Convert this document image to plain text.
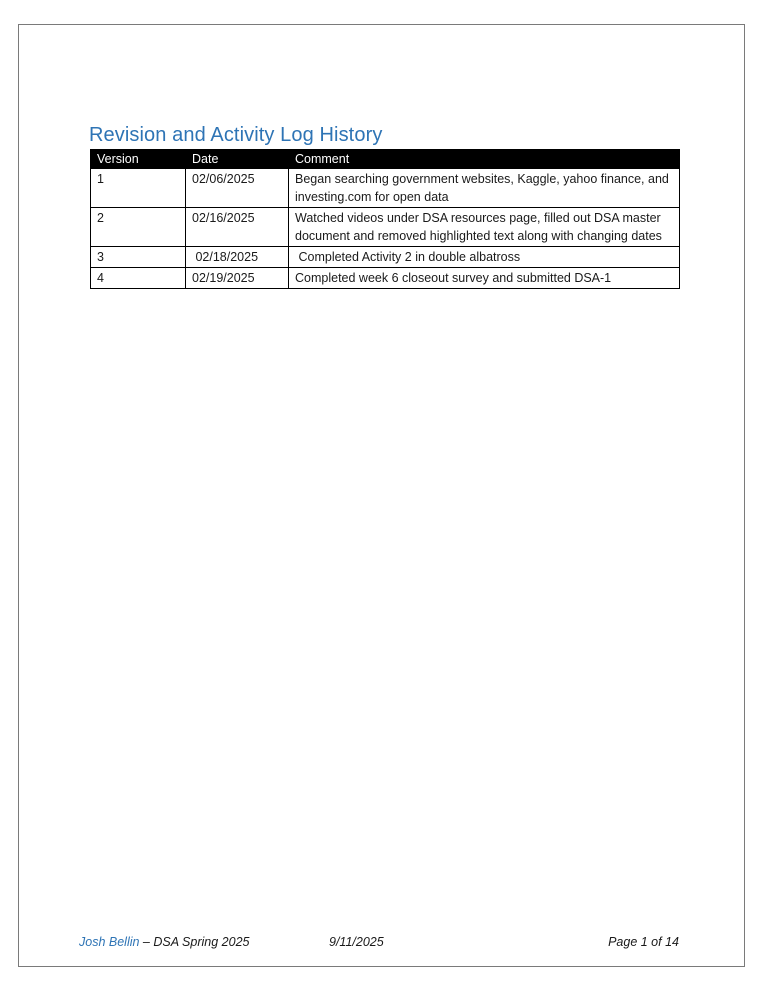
Revision and Activity Log History
Version	Date	Comment
1	02/06/2025	Began searching government websites, Kaggle, yahoo finance, and investing.com for open data
2	02/16/2025	Watched videos under DSA resources page, filled out DSA master document and removed highlighted text along with changing dates
3	02/18/2025	Completed Activity 2 in double albatross
4	02/19/2025	Completed week 6 closeout survey and submitted DSA-1
Josh Bellin – DSA Spring 2025	9/11/2025	Page 1 of 14
